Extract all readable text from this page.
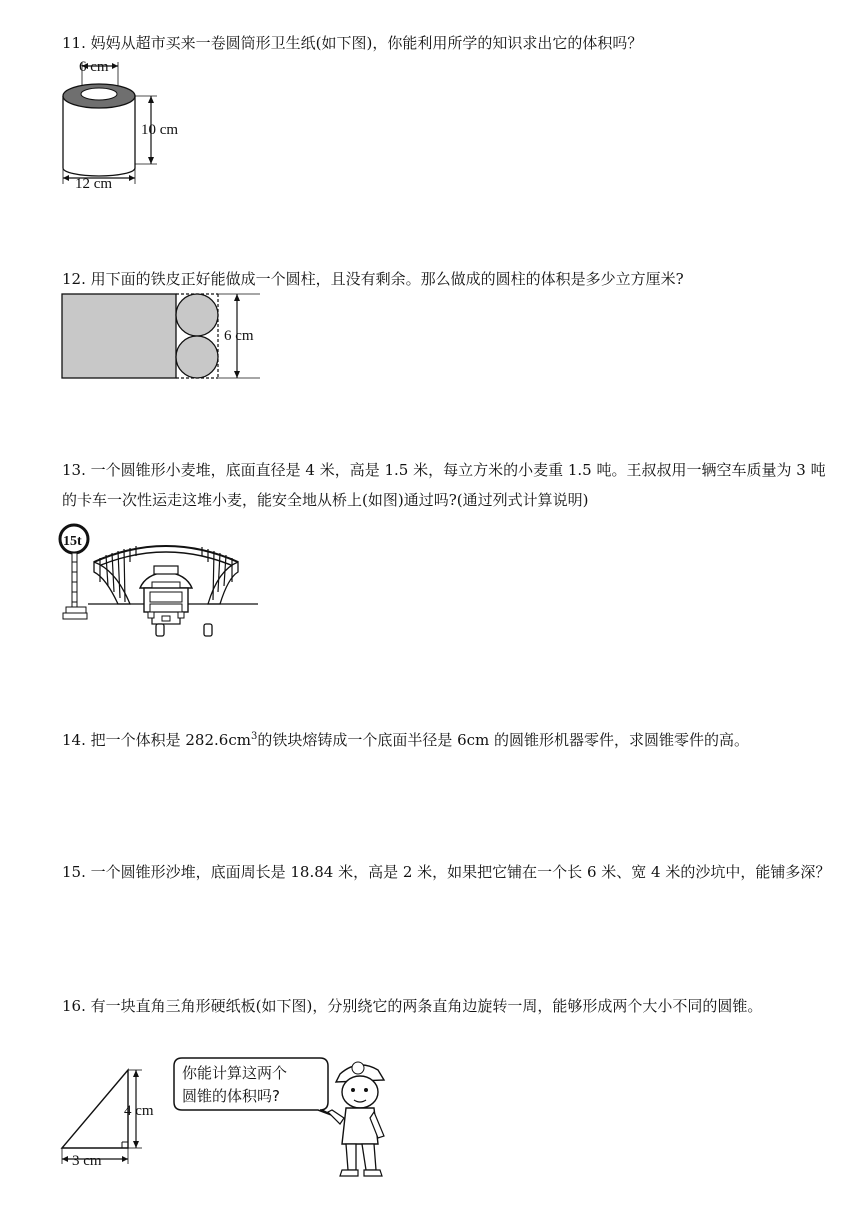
11. 妈妈从超市买来一卷圆筒形卫生纸(如下图)，你能利用所学的知识求出它的体积吗？

6 cm
10 cm
12 cm

12. 用下面的铁皮正好能做成一个圆柱，且没有剩余。那么做成的圆柱的体积是多少立方厘米?

6 cm

13. 一个圆锥形小麦堆，底面直径是 4 米，高是 1.5 米，每立方米的小麦重 1.5 吨。王叔叔用一辆空车质量为 3 吨的卡车一次性运走这堆小麦，能安全地从桥上(如图)通过吗?(通过列式计算说明)

15t

14. 把一个体积是 $282.6cm^3$的铁块熔铸成一个底面半径是 6cm 的圆锥形机器零件，求圆锥零件的高。

15. 一个圆锥形沙堆，底面周长是 18.84 米，高是 2 米，如果把它铺在一个长 6 米、宽 4 米的沙坑中，能铺多深？

16. 有一块直角三角形硬纸板(如下图)，分别绕它的两条直角边旋转一周，能够形成两个大小不同的圆锥。

4 cm
3 cm
你能计算这两个
圆锥的体积吗?
